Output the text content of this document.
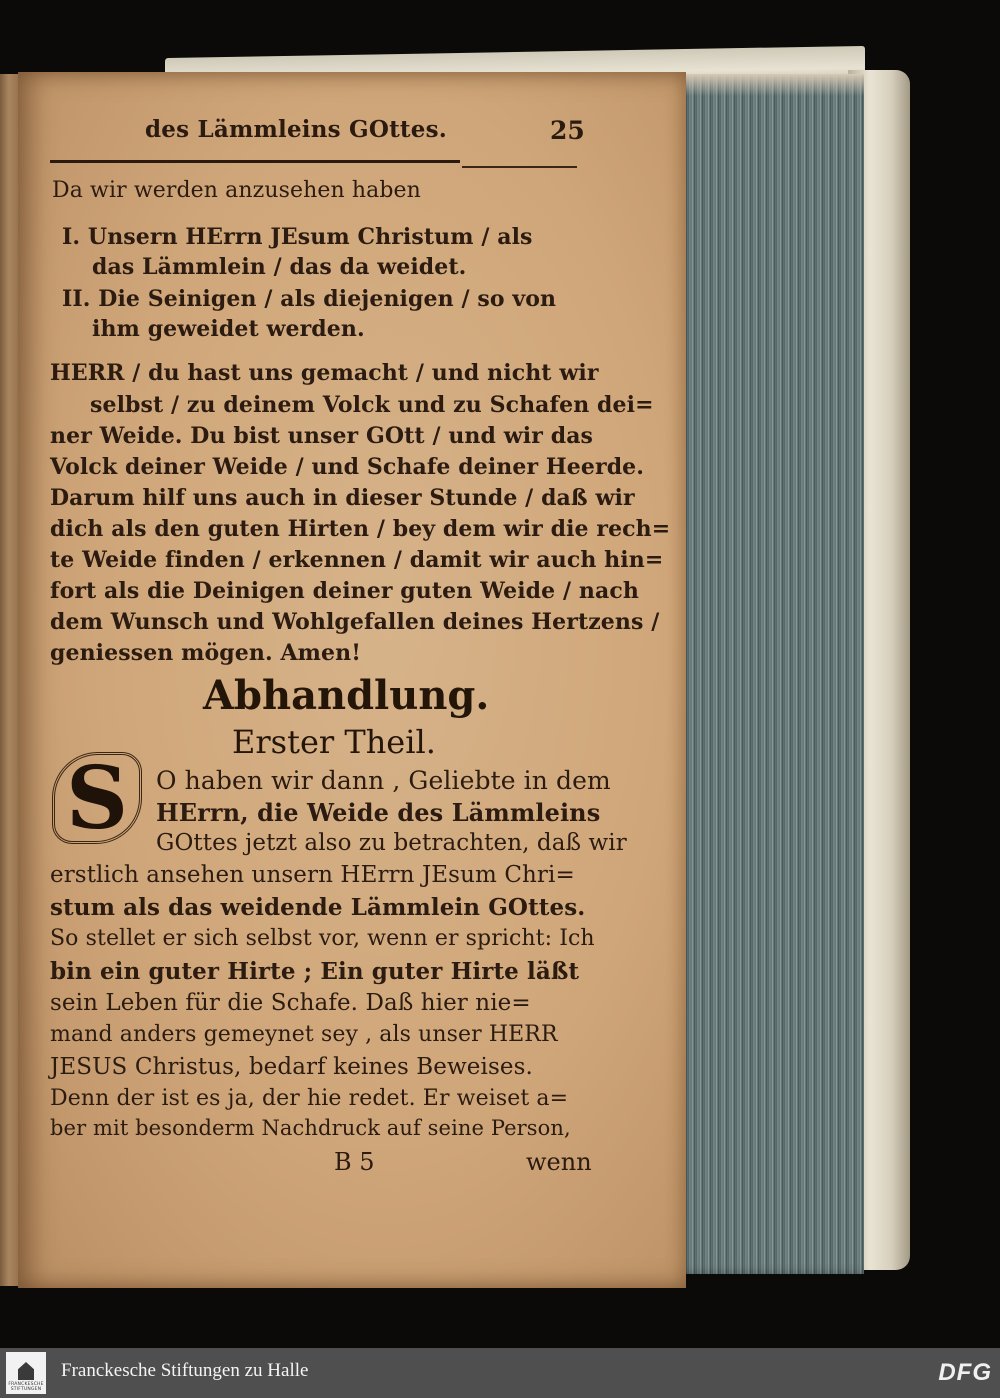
des Lämmleins GOttes.	25
Da wir werden anzusehen haben
I. Unsern HErrn JEsum Christum / als
das Lämmlein / das da weidet.
II. Die Seinigen / als diejenigen / so von
ihm geweidet werden.
HERR / du hast uns gemacht / und nicht wir
selbst / zu deinem Volck und zu Schafen dei=
ner Weide. Du bist unser GOtt / und wir das
Volck deiner Weide / und Schafe deiner Heerde.
Darum hilf uns auch in dieser Stunde / daß wir
dich als den guten Hirten / bey dem wir die rech=
te Weide finden / erkennen / damit wir auch hin=
fort als die Deinigen deiner guten Weide / nach
dem Wunsch und Wohlgefallen deines Hertzens /
geniessen mögen. Amen!
Abhandlung.
Erster Theil.
S	O haben wir dann , Geliebte in dem
HErrn, die Weide des Lämmleins
GOttes jetzt also zu betrachten, daß wir
erstlich ansehen unsern HErrn JEsum Chri=
stum als das weidende Lämmlein GOttes.
So stellet er sich selbst vor, wenn er spricht: Ich
bin ein guter Hirte ; Ein guter Hirte läßt
sein Leben für die Schafe. Daß hier nie=
mand anders gemeynet sey , als unser HERR
JESUS Christus, bedarf keines Beweises.
Denn der ist es ja, der hie redet. Er weiset a=
ber mit besonderm Nachdruck auf seine Person,
B 5	wenn
FRANCKESCHE
STIFTUNGEN
Franckesche Stiftungen zu Halle	DFG
